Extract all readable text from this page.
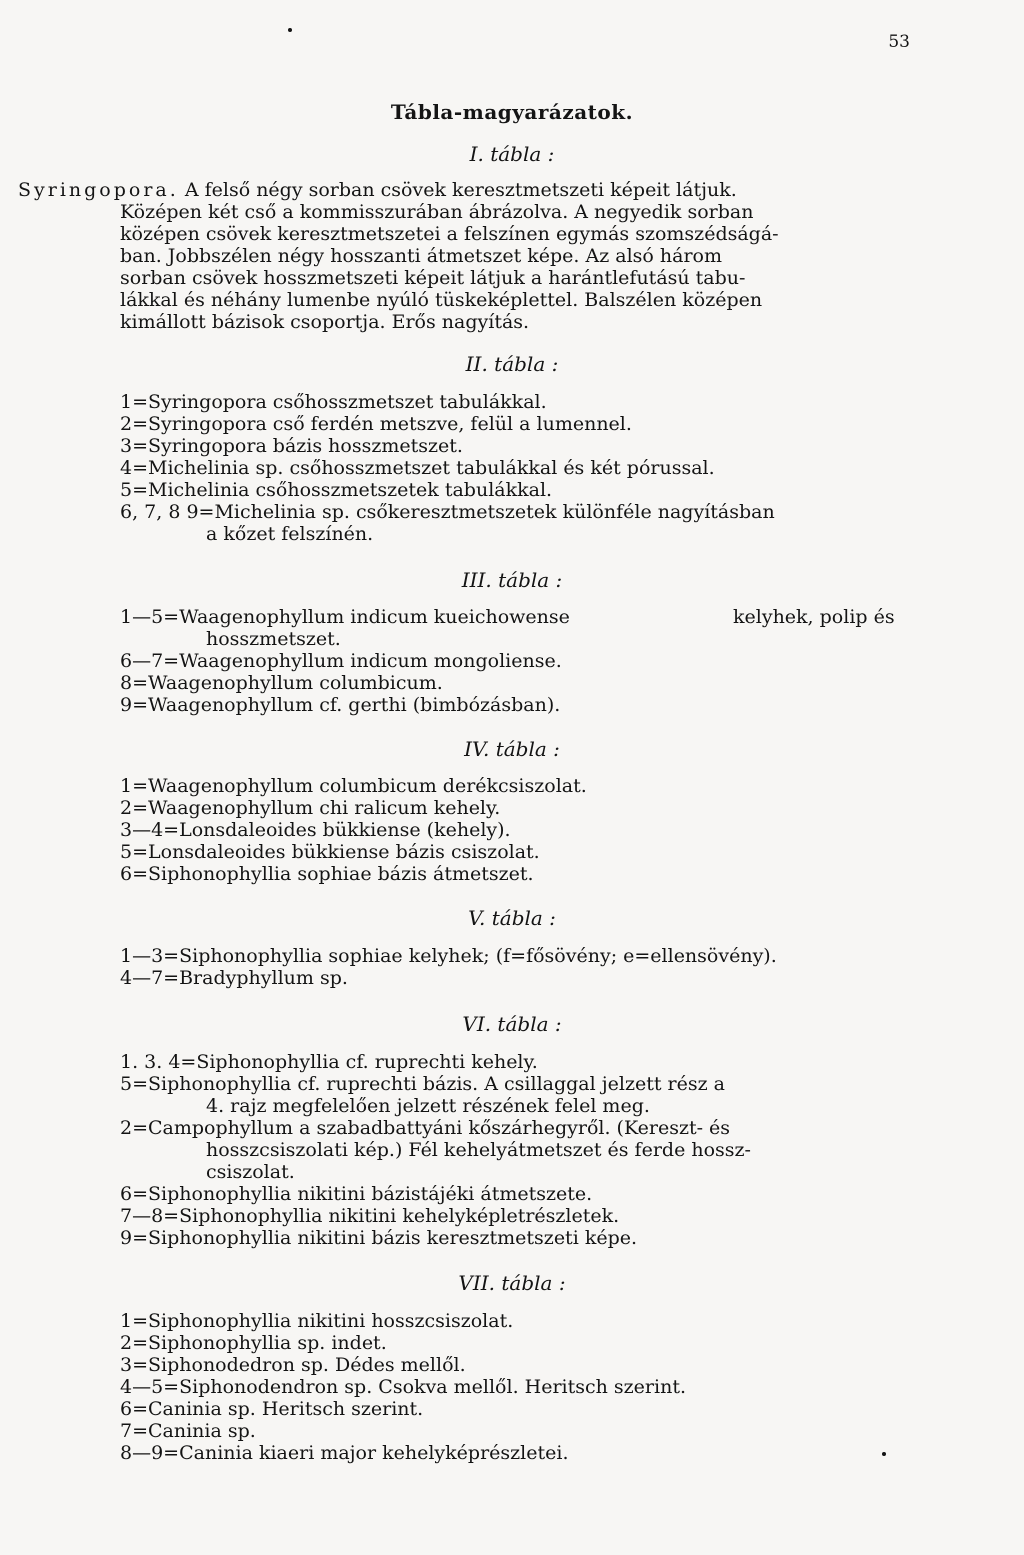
53
Tábla-magyarázatok.
I. tábla :
Syringopora. A felső négy sorban csövek keresztmetszeti képeit látjuk.
Középen két cső a kommisszurában ábrázolva. A negyedik sorban
középen csövek keresztmetszetei a felszínen egymás szomszédságá-
ban. Jobbszélen négy hosszanti átmetszet képe. Az alsó három
sorban csövek hosszmetszeti képeit látjuk a harántlefutású tabu-
lákkal és néhány lumenbe nyúló tüskeképlettel. Balszélen középen
kimállott bázisok csoportja. Erős nagyítás.
II. tábla :
1=Syringopora csőhosszmetszet tabulákkal.
2=Syringopora cső ferdén metszve, felül a lumennel.
3=Syringopora bázis hosszmetszet.
4=Michelinia sp. csőhosszmetszet tabulákkal és két pórussal.
5=Michelinia csőhosszmetszetek tabulákkal.
6, 7, 8 9=Michelinia sp. csőkeresztmetszetek különféle nagyításban
a kőzet felszínén.
III. tábla :
1—5=Waagenophyllum indicum kueichowense	kelyhek, polip és
hosszmetszet.
6—7=Waagenophyllum indicum mongoliense.
8=Waagenophyllum columbicum.
9=Waagenophyllum cf. gerthi (bimbózásban).
IV. tábla :
1=Waagenophyllum columbicum derékcsiszolat.
2=Waagenophyllum chi ralicum kehely.
3—4=Lonsdaleoides bükkiense (kehely).
5=Lonsdaleoides bükkiense bázis csiszolat.
6=Siphonophyllia sophiae bázis átmetszet.
V. tábla :
1—3=Siphonophyllia sophiae kelyhek; (f=fősövény; e=ellensövény).
4—7=Bradyphyllum sp.
VI. tábla :
1. 3. 4=Siphonophyllia cf. ruprechti kehely.
5=Siphonophyllia cf. ruprechti bázis. A csillaggal jelzett rész a
4. rajz megfelelően jelzett részének felel meg.
2=Campophyllum a szabadbattyáni kőszárhegyről. (Kereszt- és
hosszcsiszolati kép.) Fél kehelyátmetszet és ferde hossz-
csiszolat.
6=Siphonophyllia nikitini bázistájéki átmetszete.
7—8=Siphonophyllia nikitini kehelyképletrészletek.
9=Siphonophyllia nikitini bázis keresztmetszeti képe.
VII. tábla :
1=Siphonophyllia nikitini hosszcsiszolat.
2=Siphonophyllia sp. indet.
3=Siphonodedron sp. Dédes mellől.
4—5=Siphonodendron sp. Csokva mellől. Heritsch szerint.
6=Caninia sp. Heritsch szerint.
7=Caninia sp.
8—9=Caninia kiaeri major kehelyképrészletei.
